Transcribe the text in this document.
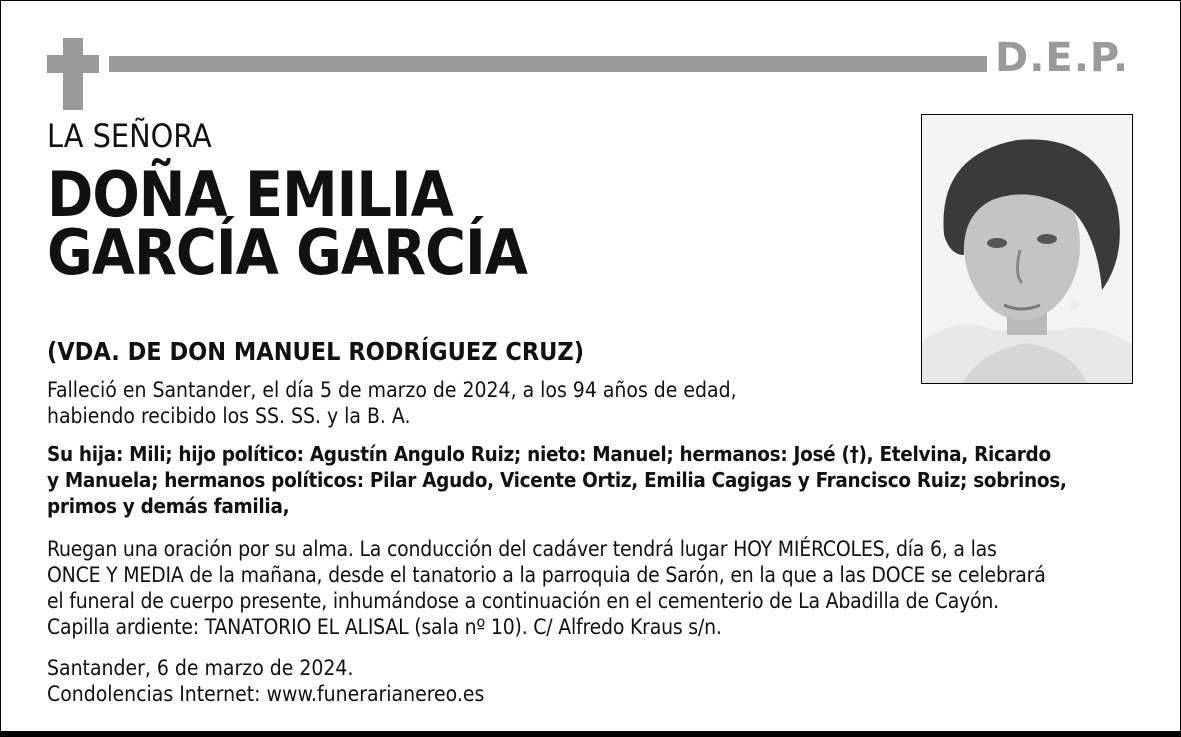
D.E.P.
LA SEÑORA
DOÑA EMILIA
GARCÍA GARCÍA
(VDA. DE DON MANUEL RODRÍGUEZ CRUZ)
Falleció en Santander, el día 5 de marzo de 2024, a los 94 años de edad,
habiendo recibido los SS. SS. y la B. A.
Su hija: Mili; hijo político: Agustín Angulo Ruiz; nieto: Manuel; hermanos: José (†), Etelvina, Ricardo
y Manuela; hermanos políticos: Pilar Agudo, Vicente Ortiz, Emilia Cagigas y Francisco Ruiz; sobrinos,
primos y demás familia,
Ruegan una oración por su alma. La conducción del cadáver tendrá lugar HOY MIÉRCOLES, día 6, a las
ONCE Y MEDIA de la mañana, desde el tanatorio a la parroquia de Sarón, en la que a las DOCE se celebrará
el funeral de cuerpo presente, inhumándose a continuación en el cementerio de La Abadilla de Cayón.
Capilla ardiente: TANATORIO EL ALISAL (sala nº 10). C/ Alfredo Kraus s/n.
Santander, 6 de marzo de 2024.
Condolencias Internet: www.funerarianereo.es
